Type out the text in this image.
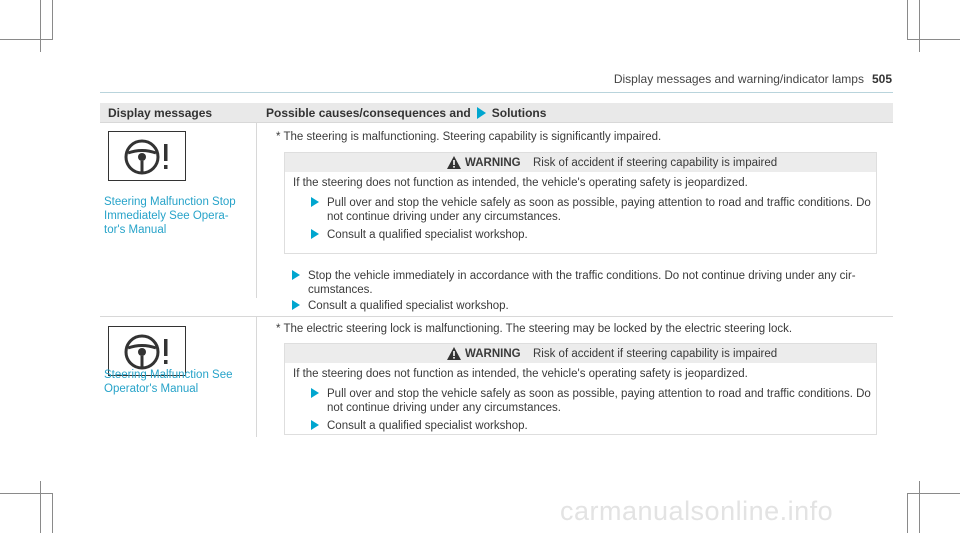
Display messages and warning/indicator lamps 505
Display messages	Possible causes/consequences and Solutions
Steering Malfunction Stop Immediately See Opera-tor's Manual
* The steering is malfunctioning. Steering capability is significantly impaired.
WARNING Risk of accident if steering capability is impaired
If the steering does not function as intended, the vehicle's operating safety is jeopardized.
Pull over and stop the vehicle safely as soon as possible, paying attention to road and traffic conditions. Do not continue driving under any circumstances.
Consult a qualified specialist workshop.
Stop the vehicle immediately in accordance with the traffic conditions. Do not continue driving under any cir-cumstances.
Consult a qualified specialist workshop.
Steering Malfunction See Operator's Manual
* The electric steering lock is malfunctioning. The steering may be locked by the electric steering lock.
WARNING Risk of accident if steering capability is impaired
If the steering does not function as intended, the vehicle's operating safety is jeopardized.
Pull over and stop the vehicle safely as soon as possible, paying attention to road and traffic conditions. Do not continue driving under any circumstances.
Consult a qualified specialist workshop.
carmanualsonline.info
